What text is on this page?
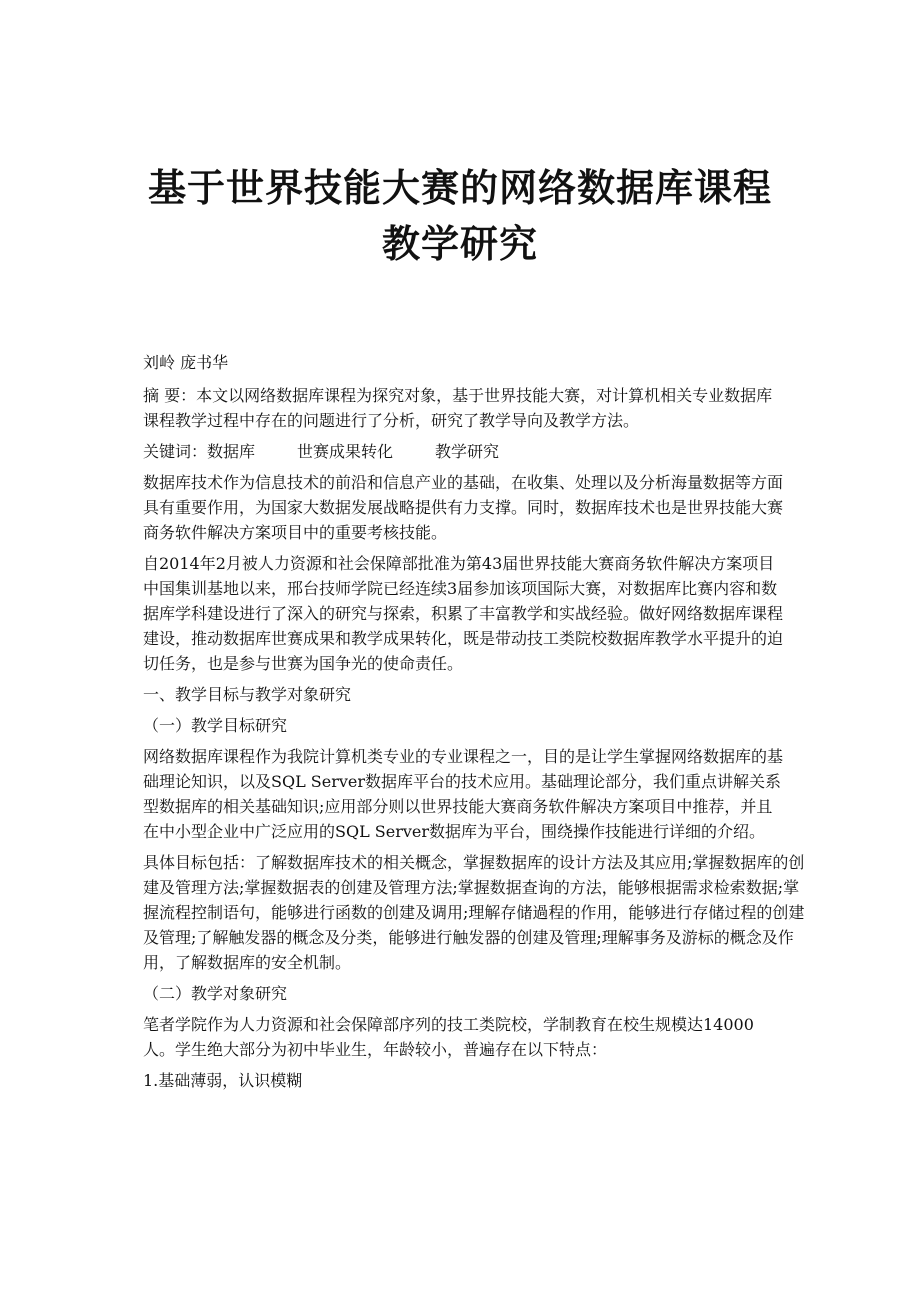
基于世界技能大赛的网络数据库课程教学研究

刘岭 庞书华

摘 要：本文以网络数据库课程为探究对象，基于世界技能大赛，对计算机相关专业数据库课程教学过程中存在的问题进行了分析，研究了教学导向及教学方法。

关键词：数据库	世赛成果转化	教学研究

数据库技术作为信息技术的前沿和信息产业的基础，在收集、处理以及分析海量数据等方面具有重要作用，为国家大数据发展战略提供有力支撑。同时，数据库技术也是世界技能大赛商务软件解决方案项目中的重要考核技能。

自2014年2月被人力资源和社会保障部批准为第43届世界技能大赛商务软件解决方案项目中国集训基地以来，邢台技师学院已经连续3届参加该项国际大赛，对数据库比赛内容和数据库学科建设进行了深入的研究与探索，积累了丰富教学和实战经验。做好网络数据库课程建设，推动数据库世赛成果和教学成果转化，既是带动技工类院校数据库教学水平提升的迫切任务，也是参与世赛为国争光的使命责任。

一、教学目标与教学对象研究

（一）教学目标研究

网络数据库课程作为我院计算机类专业的专业课程之一，目的是让学生掌握网络数据库的基础理论知识，以及SQL Server数据库平台的技术应用。基础理论部分，我们重点讲解关系型数据库的相关基础知识;应用部分则以世界技能大赛商务软件解决方案项目中推荐，并且在中小型企业中广泛应用的SQL Server数据库为平台，围绕操作技能进行详细的介绍。

具体目标包括：了解数据库技术的相关概念，掌握数据库的设计方法及其应用;掌握数据库的创建及管理方法;掌握数据表的创建及管理方法;掌握数据查询的方法，能够根据需求检索数据;掌握流程控制语句，能够进行函数的创建及调用;理解存储過程的作用，能够进行存储过程的创建及管理;了解触发器的概念及分类，能够进行触发器的创建及管理;理解事务及游标的概念及作用，了解数据库的安全机制。

（二）教学对象研究

笔者学院作为人力资源和社会保障部序列的技工类院校，学制教育在校生规模达14000人。学生绝大部分为初中毕业生，年龄较小，普遍存在以下特点：

1.基础薄弱，认识模糊
